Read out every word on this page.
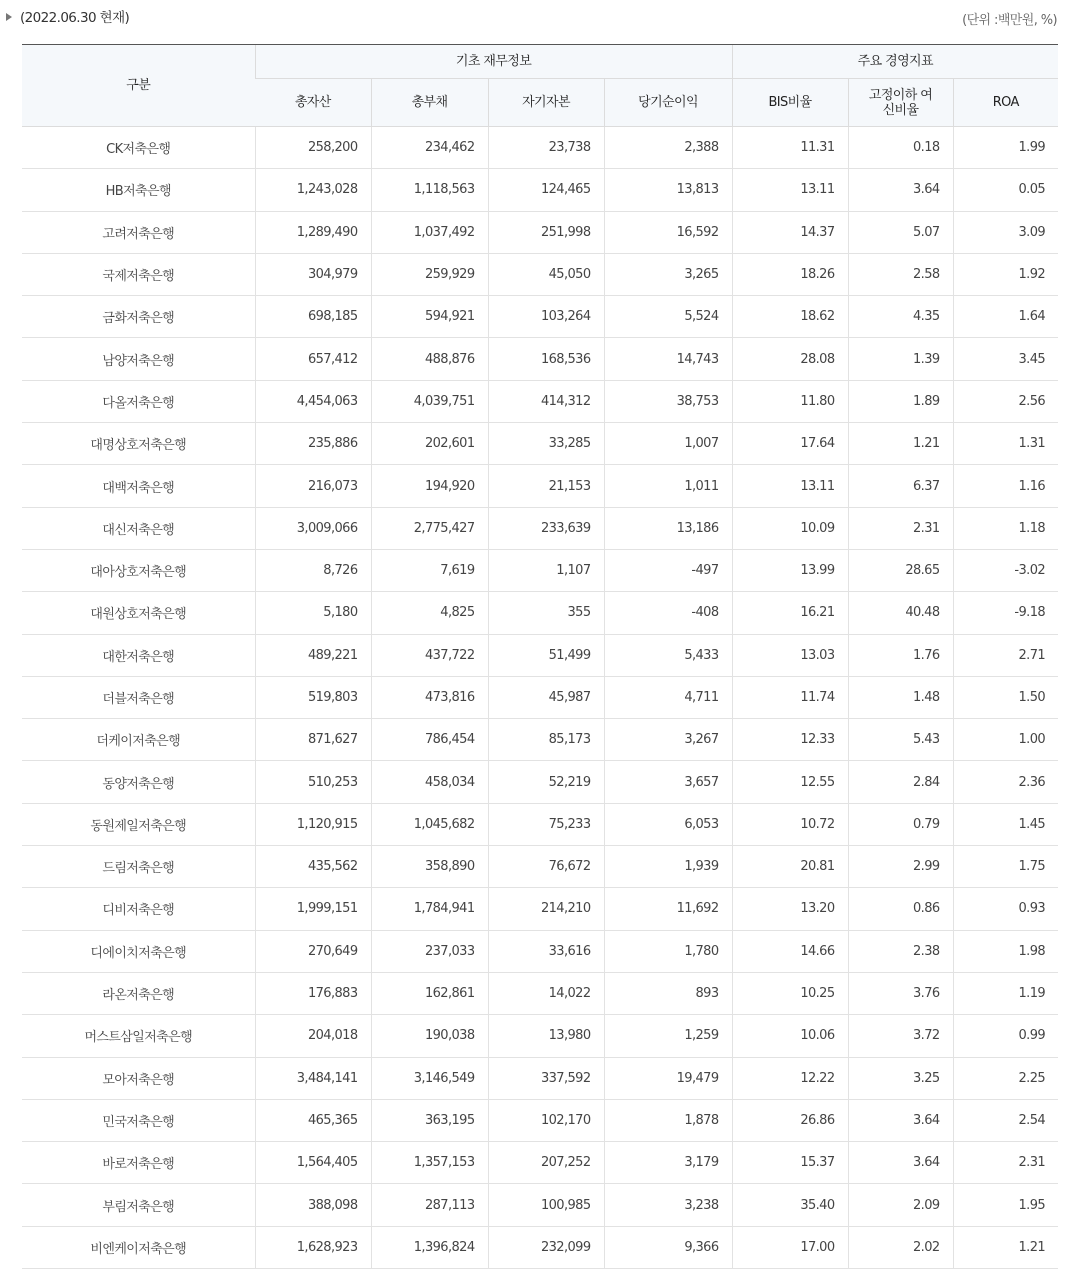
(2022.06.30 현재)	(단위 :백만원, %)
구분	기초 재무정보				주요 경영지표		
	총자산	총부채	자기자본	당기순이익	BIS비율	고정이하 여신비율	ROA
CK저축은행	258,200	234,462	23,738	2,388	11.31	0.18	1.99
HB저축은행	1,243,028	1,118,563	124,465	13,813	13.11	3.64	0.05
고려저축은행	1,289,490	1,037,492	251,998	16,592	14.37	5.07	3.09
국제저축은행	304,979	259,929	45,050	3,265	18.26	2.58	1.92
금화저축은행	698,185	594,921	103,264	5,524	18.62	4.35	1.64
남양저축은행	657,412	488,876	168,536	14,743	28.08	1.39	3.45
다올저축은행	4,454,063	4,039,751	414,312	38,753	11.80	1.89	2.56
대명상호저축은행	235,886	202,601	33,285	1,007	17.64	1.21	1.31
대백저축은행	216,073	194,920	21,153	1,011	13.11	6.37	1.16
대신저축은행	3,009,066	2,775,427	233,639	13,186	10.09	2.31	1.18
대아상호저축은행	8,726	7,619	1,107	-497	13.99	28.65	-3.02
대원상호저축은행	5,180	4,825	355	-408	16.21	40.48	-9.18
대한저축은행	489,221	437,722	51,499	5,433	13.03	1.76	2.71
더블저축은행	519,803	473,816	45,987	4,711	11.74	1.48	1.50
더케이저축은행	871,627	786,454	85,173	3,267	12.33	5.43	1.00
동양저축은행	510,253	458,034	52,219	3,657	12.55	2.84	2.36
동원제일저축은행	1,120,915	1,045,682	75,233	6,053	10.72	0.79	1.45
드림저축은행	435,562	358,890	76,672	1,939	20.81	2.99	1.75
디비저축은행	1,999,151	1,784,941	214,210	11,692	13.20	0.86	0.93
디에이치저축은행	270,649	237,033	33,616	1,780	14.66	2.38	1.98
라온저축은행	176,883	162,861	14,022	893	10.25	3.76	1.19
머스트삼일저축은행	204,018	190,038	13,980	1,259	10.06	3.72	0.99
모아저축은행	3,484,141	3,146,549	337,592	19,479	12.22	3.25	2.25
민국저축은행	465,365	363,195	102,170	1,878	26.86	3.64	2.54
바로저축은행	1,564,405	1,357,153	207,252	3,179	15.37	3.64	2.31
부림저축은행	388,098	287,113	100,985	3,238	35.40	2.09	1.95
비엔케이저축은행	1,628,923	1,396,824	232,099	9,366	17.00	2.02	1.21
